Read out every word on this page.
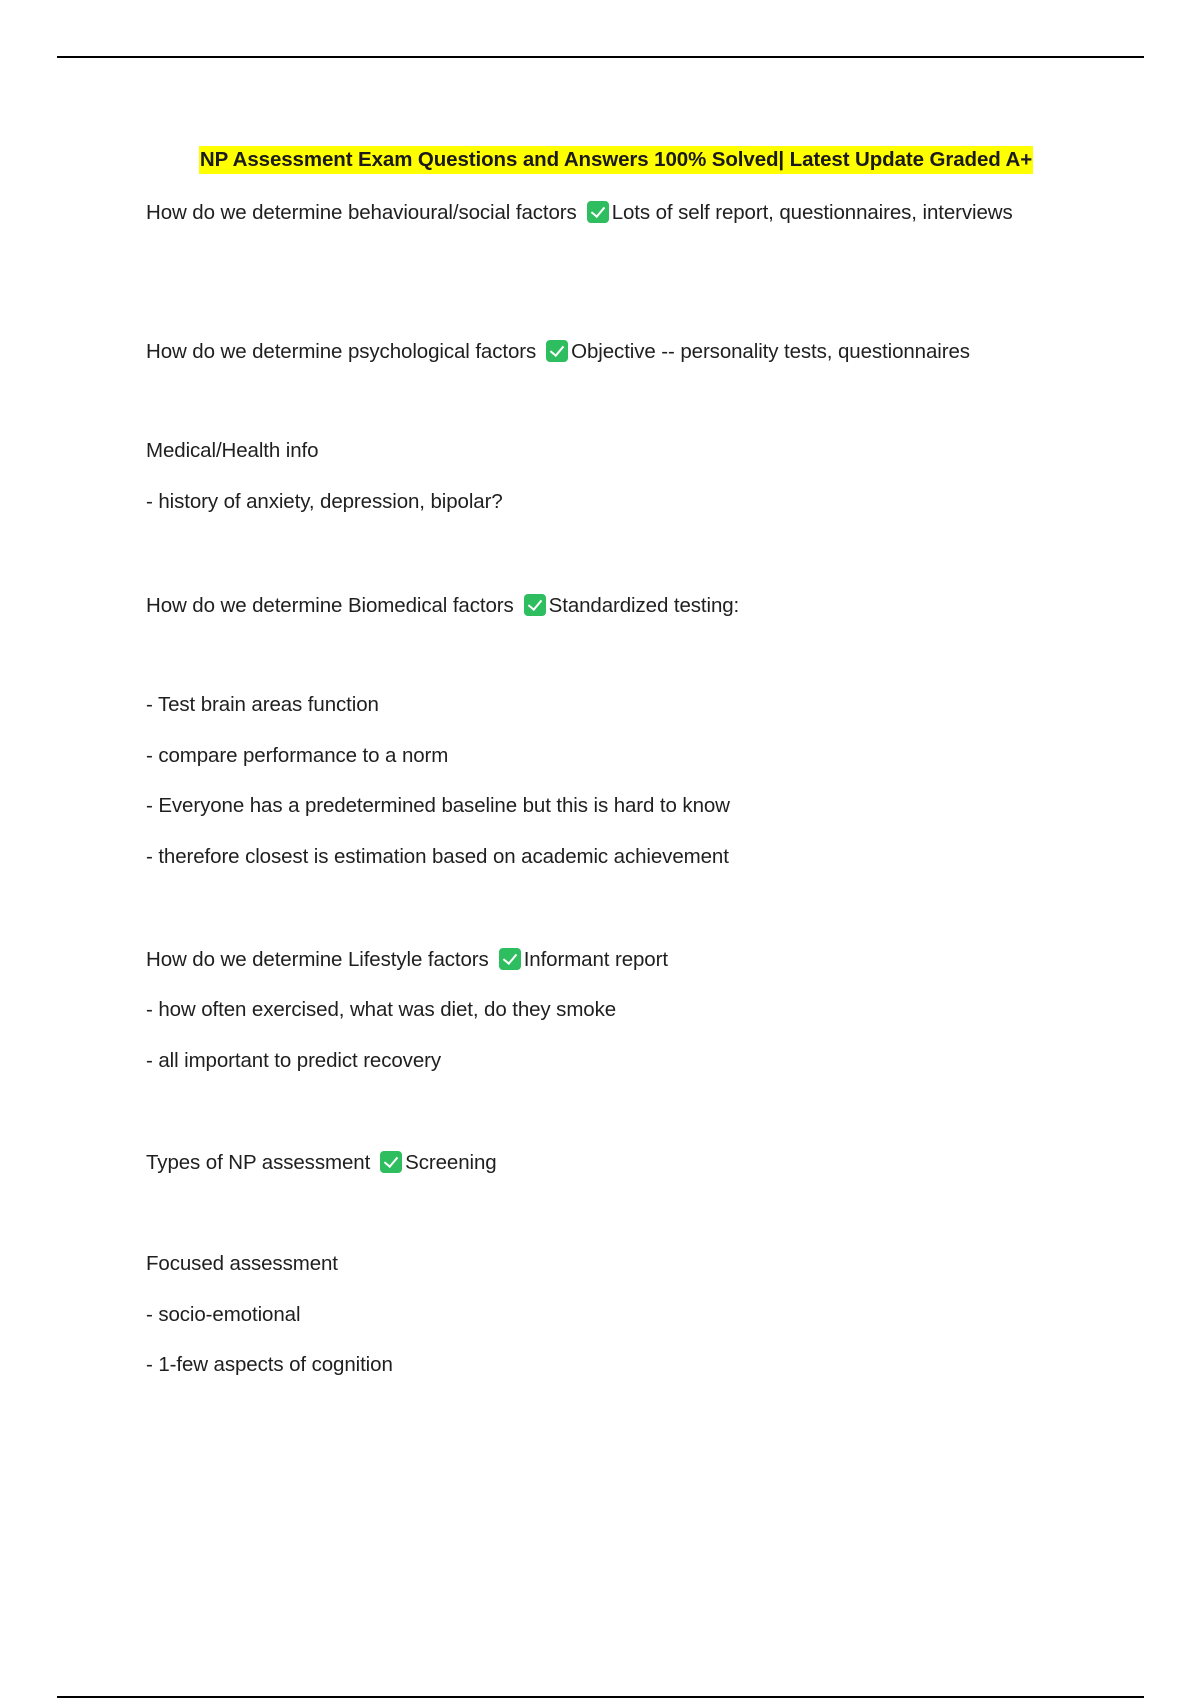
NP Assessment Exam Questions and Answers 100% Solved| Latest Update Graded A+
How do we determine behavioural/social factors Lots of self report, questionnaires, interviews
How do we determine psychological factors Objective -- personality tests, questionnaires
Medical/Health info
- history of anxiety, depression, bipolar?
How do we determine Biomedical factors Standardized testing:
- Test brain areas function
- compare performance to a norm
- Everyone has a predetermined baseline but this is hard to know
- therefore closest is estimation based on academic achievement
How do we determine Lifestyle factors Informant report
- how often exercised, what was diet, do they smoke
- all important to predict recovery
Types of NP assessment Screening
Focused assessment
- socio-emotional
- 1-few aspects of cognition
